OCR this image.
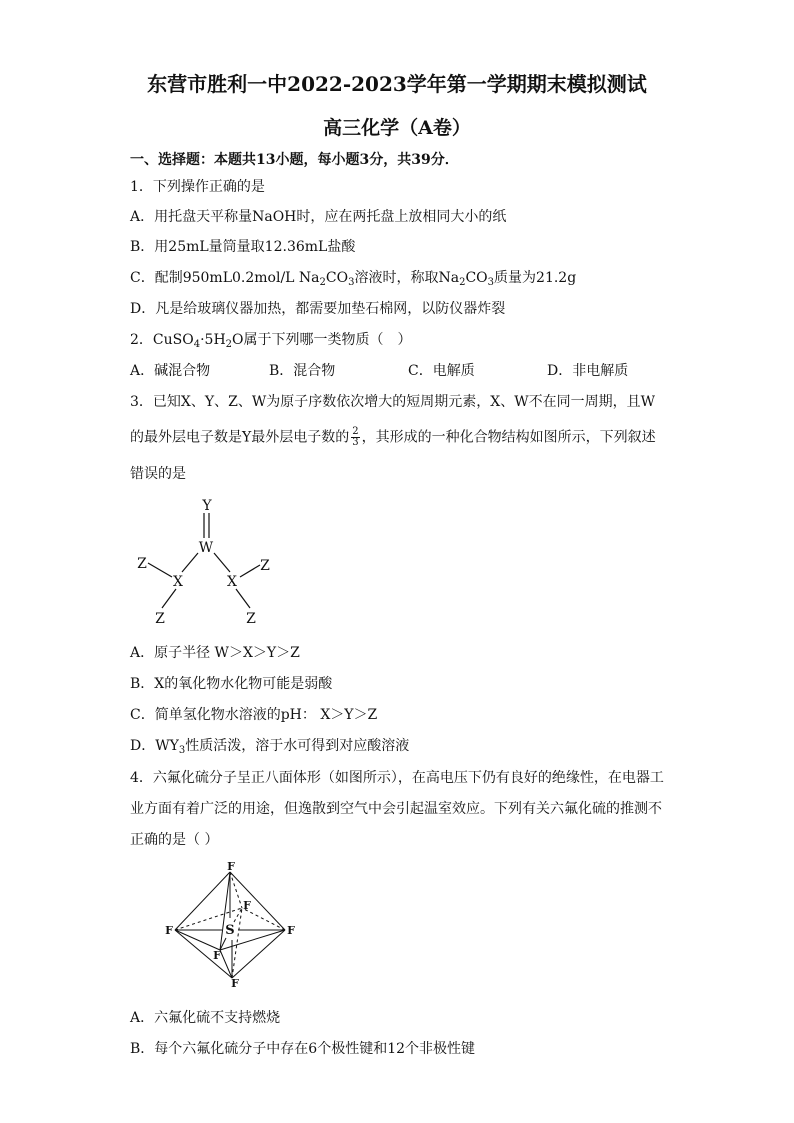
东营市胜利一中2022-2023学年第一学期期末模拟测试
高三化学（A卷）
一、选择题：本题共13小题，每小题3分，共39分．
1．下列操作正确的是
A．用托盘天平称量NaOH时，应在两托盘上放相同大小的纸
B．用25mL量筒量取12.36mL盐酸
C．配制950mL0.2mol/L $Na_2CO_3$溶液时，称取$Na_2CO_3$质量为21.2g
D．凡是给玻璃仪器加热，都需要加垫石棉网，以防仪器炸裂
2．$CuSO_4\cdot 5H_2O$属于下列哪一类物质（　）
A．碱混合物	B．混合物	C．电解质	D．非电解质
3．已知X、Y、Z、W为原子序数依次增大的短周期元素，X、W不在同一周期，且W
的最外层电子数是Y最外层电子数的 $\frac{2}{3}$ ，其形成的一种化合物结构如图所示，下列叙述
错误的是
Y
W
X	X
Z	Z
Z	Z
A．原子半径 W＞X＞Y＞Z
B．X的氧化物水化物可能是弱酸
C．简单氢化物水溶液的pH： X＞Y＞Z
D．$WY_3$性质活泼，溶于水可得到对应酸溶液
4．六氟化硫分子呈正八面体形（如图所示），在高电压下仍有良好的绝缘性，在电器工
业方面有着广泛的用途，但逸散到空气中会引起温室效应。下列有关六氟化硫的推测不
正确的是（ ）
F
F	F
F
F
F
S
A．六氟化硫不支持燃烧
B．每个六氟化硫分子中存在6个极性键和12个非极性键
